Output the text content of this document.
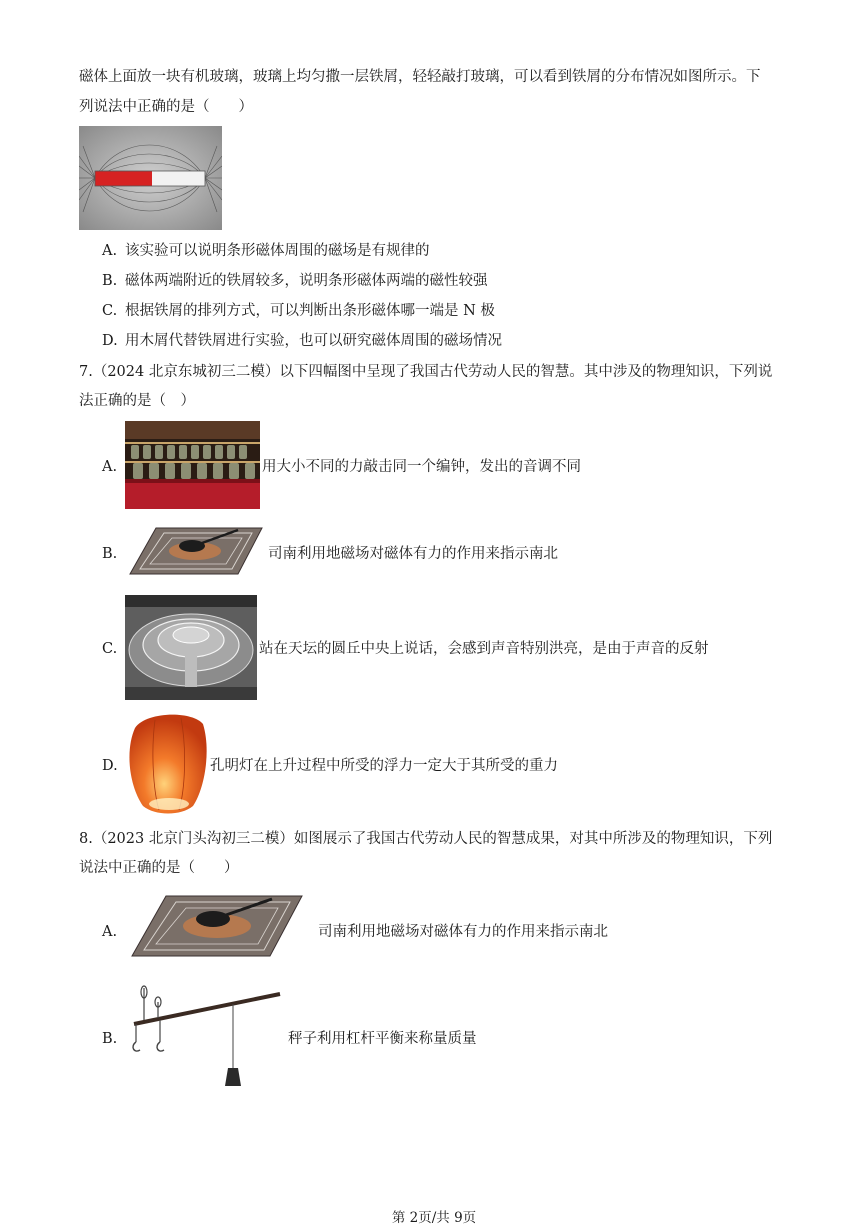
磁体上面放一块有机玻璃，玻璃上均匀撒一层铁屑，轻轻敲打玻璃，可以看到铁屑的分布情况如图所示。下
列说法中正确的是（　　）
A. 该实验可以说明条形磁体周围的磁场是有规律的
B. 磁体两端附近的铁屑较多，说明条形磁体两端的磁性较强
C. 根据铁屑的排列方式，可以判断出条形磁体哪一端是 N 极
D. 用木屑代替铁屑进行实验，也可以研究磁体周围的磁场情况
7.（2024 北京东城初三二模）以下四幅图中呈现了我国古代劳动人民的智慧。其中涉及的物理知识，下列说
法正确的是（　）
A.	用大小不同的力敲击同一个编钟，发出的音调不同
B.	司南利用地磁场对磁体有力的作用来指示南北
C.	站在天坛的圆丘中央上说话，会感到声音特别洪亮，是由于声音的反射
D.	孔明灯在上升过程中所受的浮力一定大于其所受的重力
8.（2023 北京门头沟初三二模）如图展示了我国古代劳动人民的智慧成果，对其中所涉及的物理知识，下列
说法中正确的是（　　）
A.	司南利用地磁场对磁体有力的作用来指示南北
B.	秤子利用杠杆平衡来称量质量
第 2页/共 9页
